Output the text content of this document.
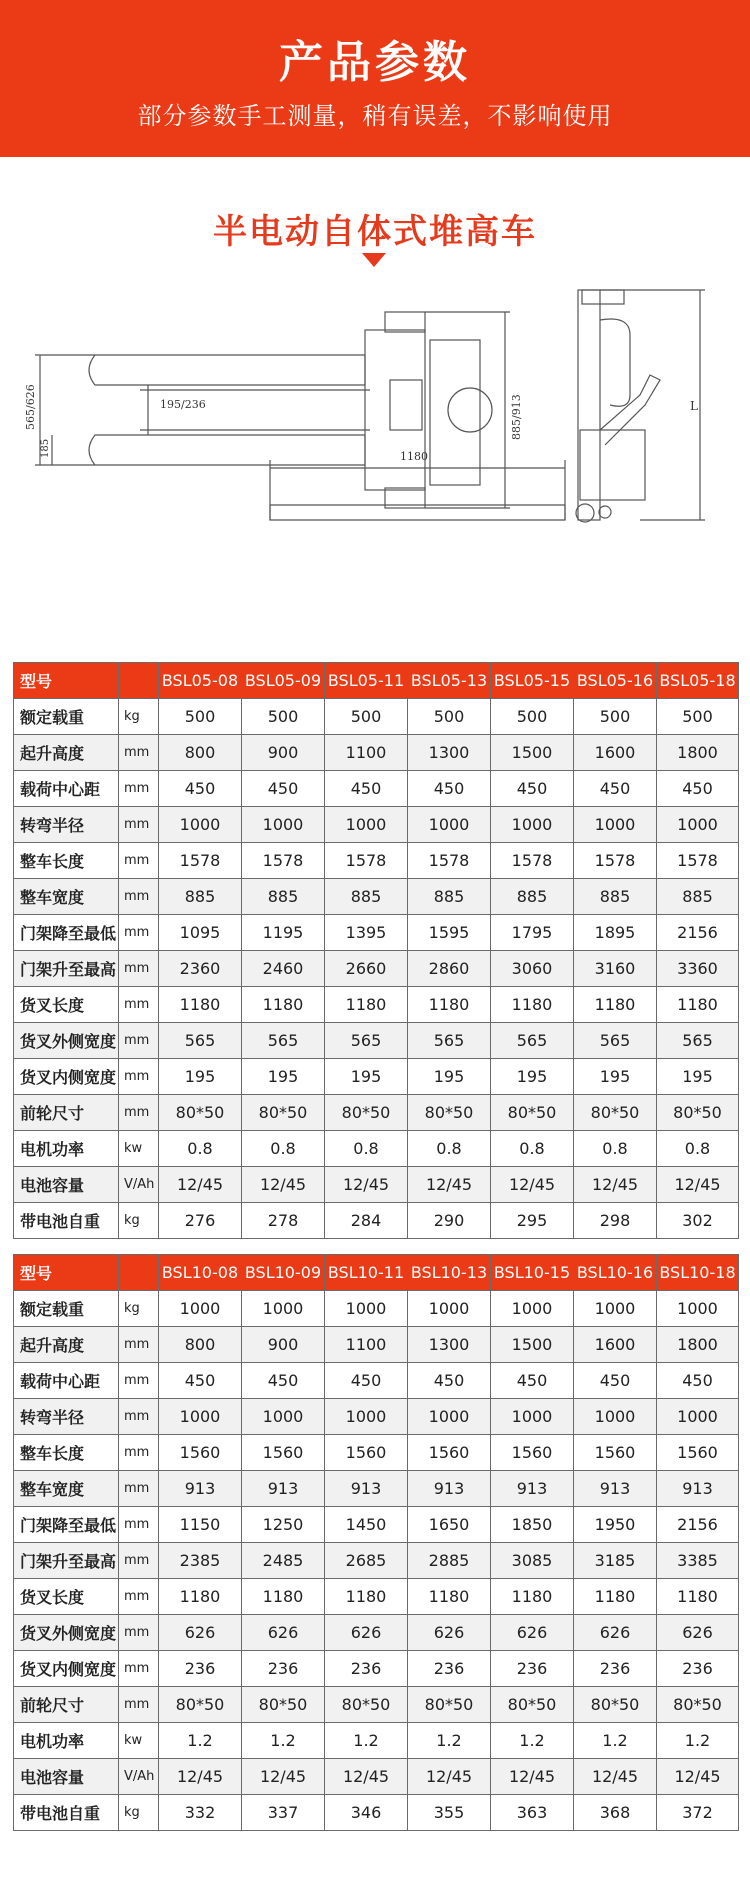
产品参数
部分参数手工测量，稍有误差，不影响使用
半电动自体式堆高车
195/236
565/626
185
885/913
1180
L
型号		BSL05-08	BSL05-09	BSL05-11	BSL05-13	BSL05-15	BSL05-16	BSL05-18
额定载重	kg	500	500	500	500	500	500	500
起升高度	mm	800	900	1100	1300	1500	1600	1800
载荷中心距	mm	450	450	450	450	450	450	450
转弯半径	mm	1000	1000	1000	1000	1000	1000	1000
整车长度	mm	1578	1578	1578	1578	1578	1578	1578
整车宽度	mm	885	885	885	885	885	885	885
门架降至最低	mm	1095	1195	1395	1595	1795	1895	2156
门架升至最高	mm	2360	2460	2660	2860	3060	3160	3360
货叉长度	mm	1180	1180	1180	1180	1180	1180	1180
货叉外侧宽度	mm	565	565	565	565	565	565	565
货叉内侧宽度	mm	195	195	195	195	195	195	195
前轮尺寸	mm	80*50	80*50	80*50	80*50	80*50	80*50	80*50
电机功率	kw	0.8	0.8	0.8	0.8	0.8	0.8	0.8
电池容量	V/Ah	12/45	12/45	12/45	12/45	12/45	12/45	12/45
带电池自重	kg	276	278	284	290	295	298	302
型号		BSL10-08	BSL10-09	BSL10-11	BSL10-13	BSL10-15	BSL10-16	BSL10-18
额定载重	kg	1000	1000	1000	1000	1000	1000	1000
起升高度	mm	800	900	1100	1300	1500	1600	1800
载荷中心距	mm	450	450	450	450	450	450	450
转弯半径	mm	1000	1000	1000	1000	1000	1000	1000
整车长度	mm	1560	1560	1560	1560	1560	1560	1560
整车宽度	mm	913	913	913	913	913	913	913
门架降至最低	mm	1150	1250	1450	1650	1850	1950	2156
门架升至最高	mm	2385	2485	2685	2885	3085	3185	3385
货叉长度	mm	1180	1180	1180	1180	1180	1180	1180
货叉外侧宽度	mm	626	626	626	626	626	626	626
货叉内侧宽度	mm	236	236	236	236	236	236	236
前轮尺寸	mm	80*50	80*50	80*50	80*50	80*50	80*50	80*50
电机功率	kw	1.2	1.2	1.2	1.2	1.2	1.2	1.2
电池容量	V/Ah	12/45	12/45	12/45	12/45	12/45	12/45	12/45
带电池自重	kg	332	337	346	355	363	368	372
